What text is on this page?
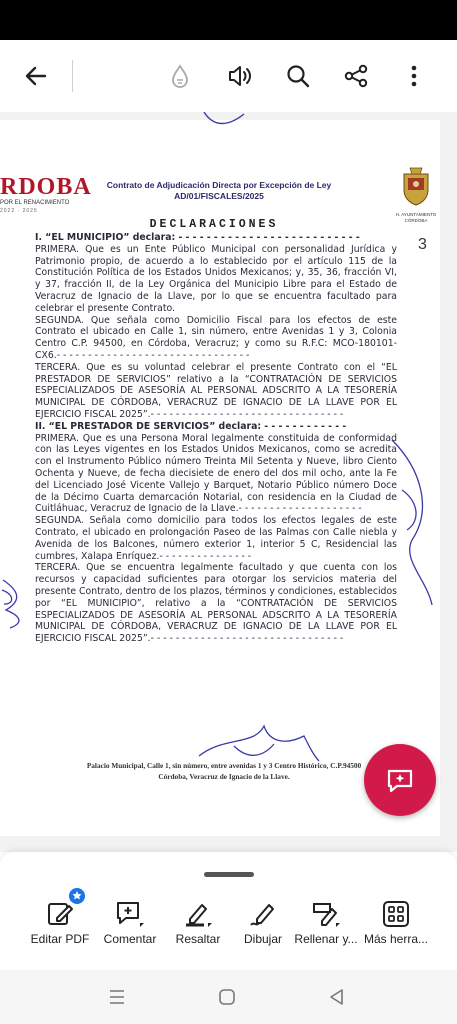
RDOBA
POR EL RENACIMIENTO
2022 · 2025
Contrato de Adjudicación Directa por Excepción de Ley
AD/01/FISCALES/2025
H. AYUNTAMIENTO
CÓRDOBA
DECLARACIONES

I. “EL MUNICIPIO” declara: - - - - - - - - - - - - - - - - - - - - - - - - - -

PRIMERA. Que es un Ente Público Municipal con personalidad Jurídica y Patrimonio propio, de acuerdo a lo establecido por el artículo 115 de la Constitución Política de los Estados Unidos Mexicanos; y, 35, 36, fracción VI, y 37, fracción II, de la Ley Orgánica del Municipio Libre para el Estado de Veracruz de Ignacio de la Llave, por lo que se encuentra facultado para celebrar el presente Contrato.

SEGUNDA. Que señala como Domicilio Fiscal para los efectos de este Contrato el ubicado en Calle 1, sin número, entre Avenidas 1 y 3, Colonia Centro C.P. 94500, en Córdoba, Veracruz; y como su R.F.C: MCO-180101-CX6.- - - - - - - - - - - - - - - - - - - - - - - - - - - - - - -

TERCERA. Que es su voluntad celebrar el presente Contrato con el “EL PRESTADOR DE SERVICIOS” relativo a la “CONTRATACIÓN DE SERVICIOS ESPECIALIZADOS DE ASESORÍA AL PERSONAL ADSCRITO A LA TESORERÍA MUNICIPAL DE CÓRDOBA, VERACRUZ DE IGNACIO DE LA LLAVE POR EL EJERCICIO FISCAL 2025”.- - - - - - - - - - - - - - - - - - - - - - - - - - - - - - -

II. “EL PRESTADOR DE SERVICIOS” declara: - - - - - - - - - - - -

PRIMERA. Que es una Persona Moral legalmente constituida de conformidad con las Leyes vigentes en los Estados Unidos Mexicanos, como se acredita con el Instrumento Público número Treinta Mil Setenta y Nueve, libro Ciento Ochenta y Nueve, de fecha diecisiete de enero del dos mil ocho, ante la Fe del Licenciado José Vicente Vallejo y Barquet, Notario Público número Doce de la Décimo Cuarta demarcación Notarial, con residencia en la Ciudad de Cuitláhuac, Veracruz de Ignacio de la Llave.- - - - - - - - - - - - - - - - - - - -

SEGUNDA. Señala como domicilio para todos los efectos legales de este Contrato, el ubicado en prolongación Paseo de las Palmas con Calle niebla y Avenida de los Balcones, número exterior 1, interior 5 C, Residencial las cumbres, Xalapa Enríquez.- - - - - - - - - - - - - - -

TERCERA. Que se encuentra legalmente facultado y que cuenta con los recursos y capacidad suficientes para otorgar los servicios materia del presente Contrato, dentro de los plazos, términos y condiciones, establecidos por “EL MUNICIPIO”, relativo a la “CONTRATACIÓN DE SERVICIOS ESPECIALIZADOS DE ASESORÍA AL PERSONAL ADSCRITO A LA TESORERÍA MUNICIPAL DE CÓRDOBA, VERACRUZ DE IGNACIO DE LA LLAVE POR EL EJERCICIO FISCAL 2025”.- - - - - - - - - - - - - - - - - - - - - - - - - - - - - - -

Palacio Municipal, Calle 1, sin número, entre avenidas 1 y 3 Centro Histórico, C.P.94500
Córdoba, Veracruz de Ignacio de la Llave.
3
Editar PDF	Comentar	Resaltar	Dibujar	Rellenar y... Más herra...
